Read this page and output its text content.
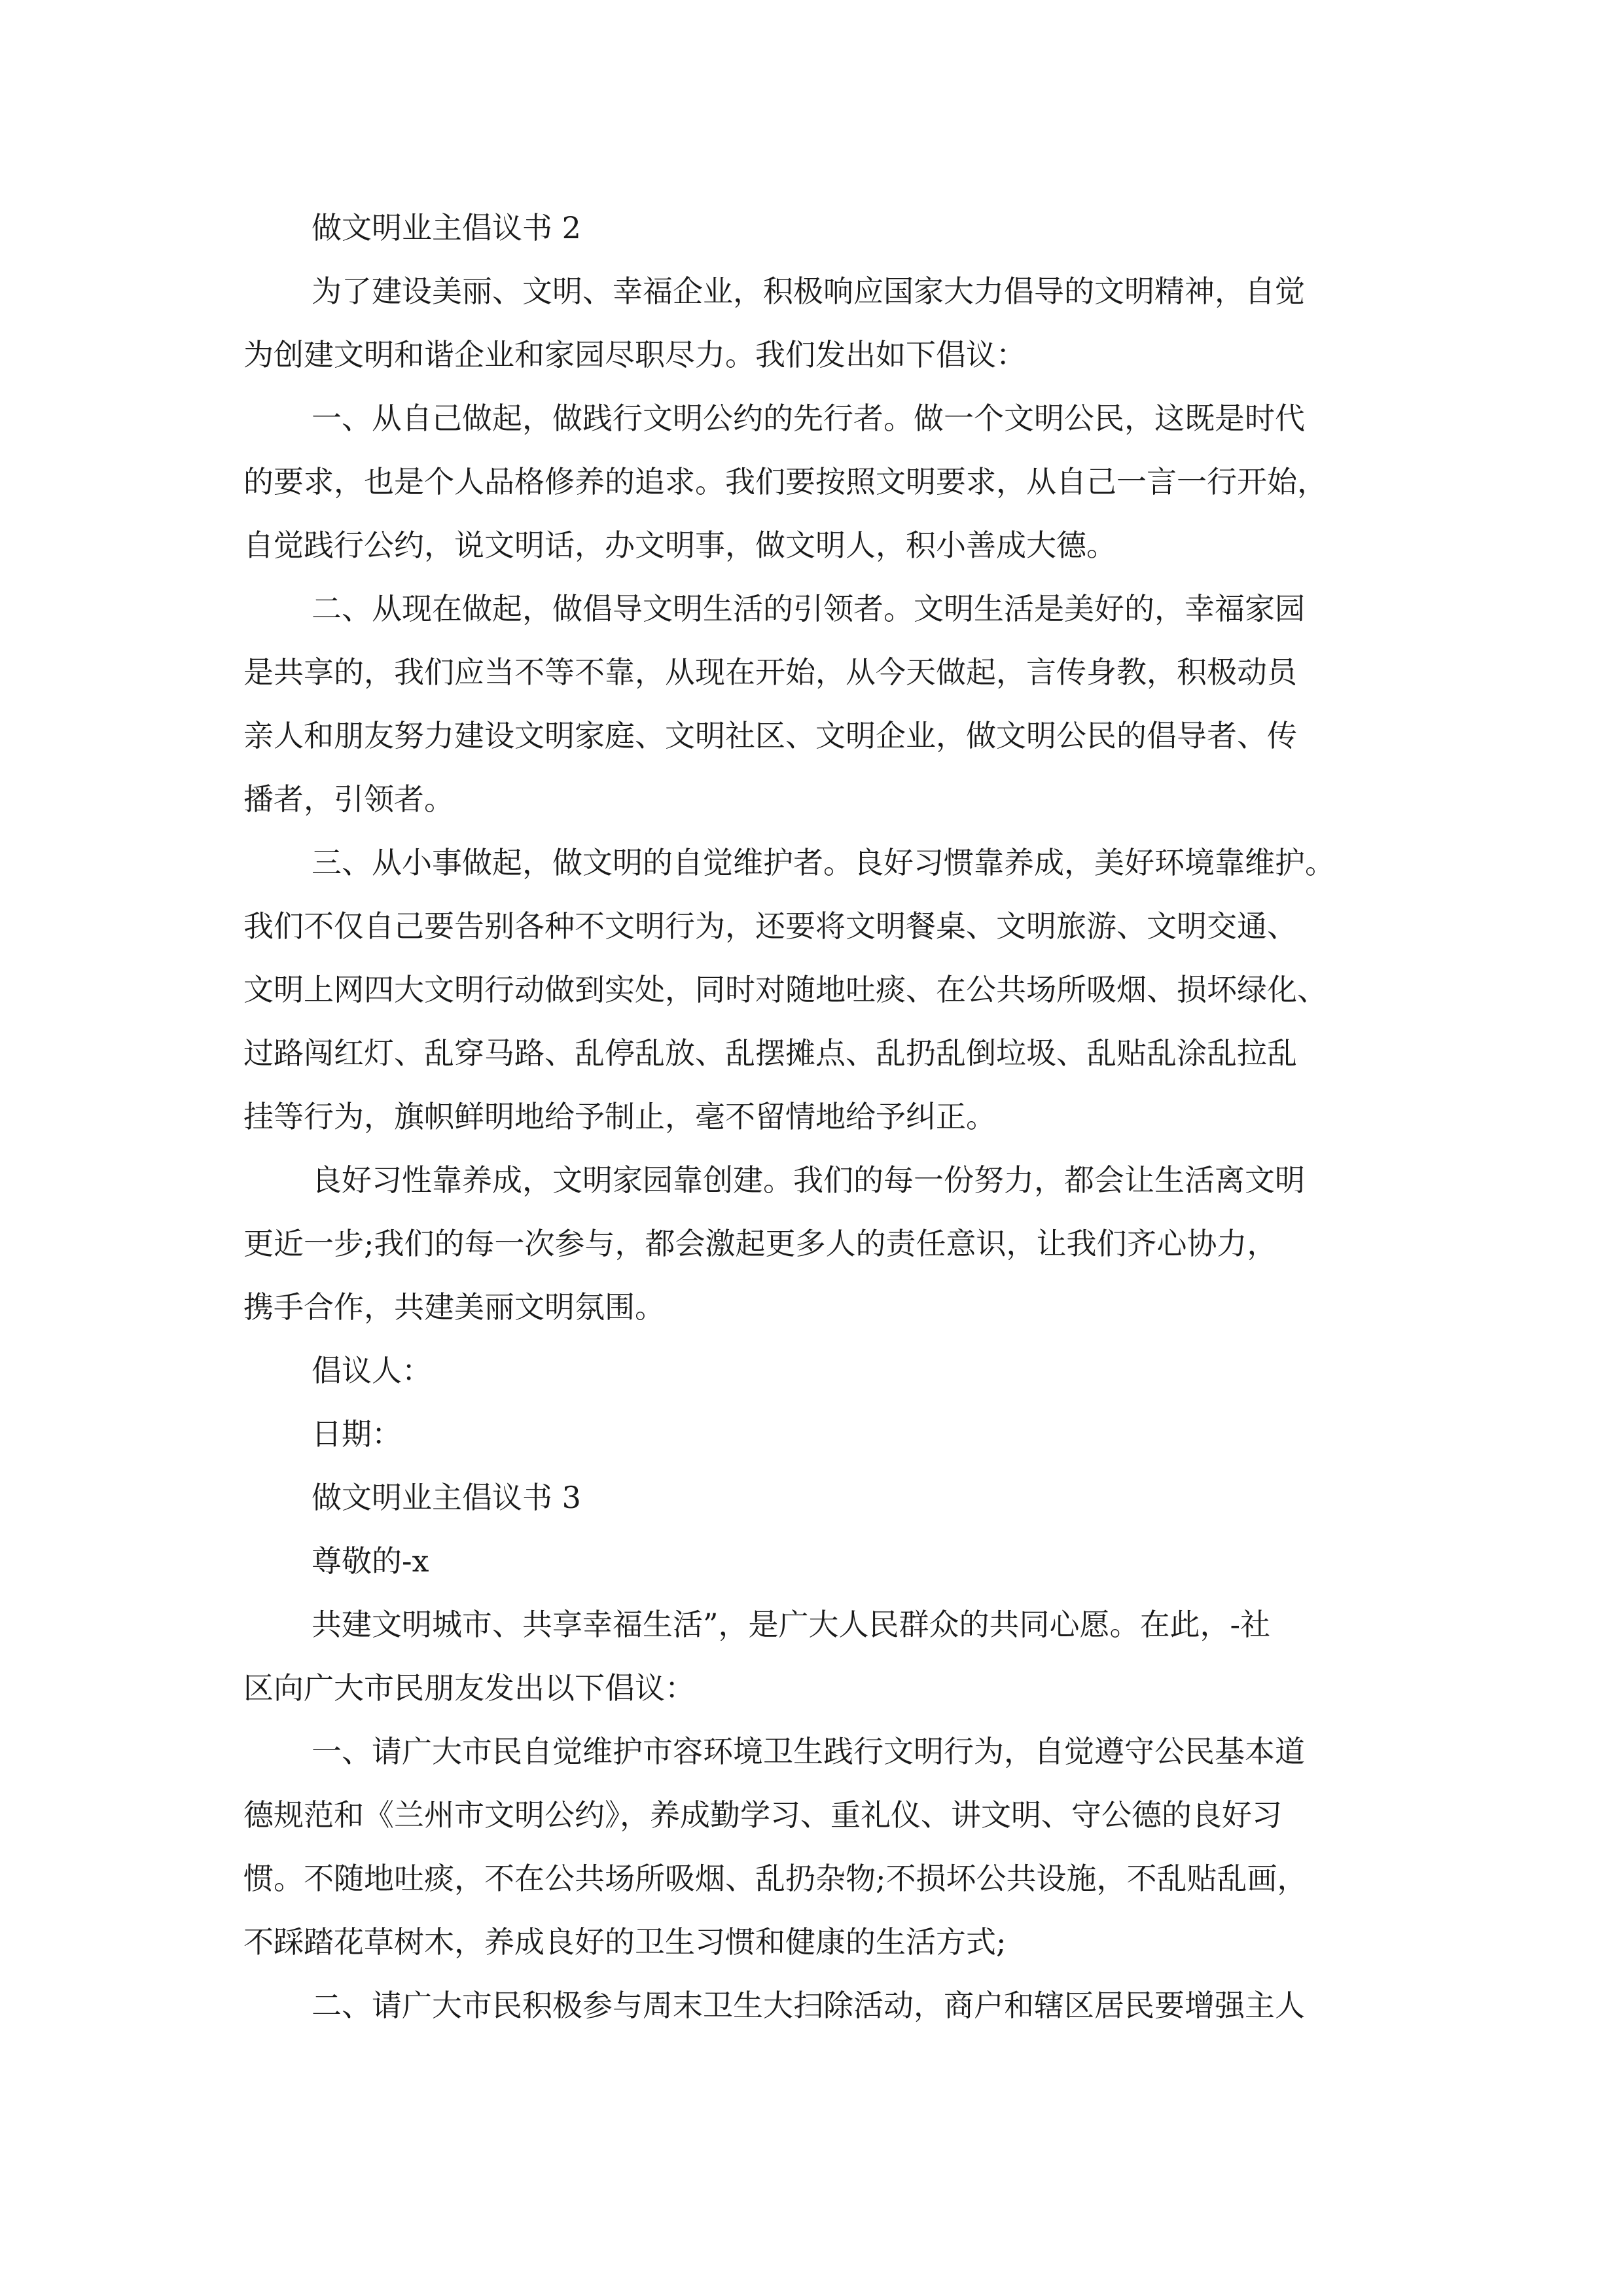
做文明业主倡议书 2

为了建设美丽、文明、幸福企业，积极响应国家大力倡导的文明精神，自觉

为创建文明和谐企业和家园尽职尽力。我们发出如下倡议：

一、从自己做起，做践行文明公约的先行者。做一个文明公民，这既是时代

的要求，也是个人品格修养的追求。我们要按照文明要求，从自己一言一行开始，

自觉践行公约，说文明话，办文明事，做文明人，积小善成大德。

二、从现在做起，做倡导文明生活的引领者。文明生活是美好的，幸福家园

是共享的，我们应当不等不靠，从现在开始，从今天做起，言传身教，积极动员

亲人和朋友努力建设文明家庭、文明社区、文明企业，做文明公民的倡导者、传

播者，引领者。

三、从小事做起，做文明的自觉维护者。良好习惯靠养成，美好环境靠维护。

我们不仅自己要告别各种不文明行为，还要将文明餐桌、文明旅游、文明交通、

文明上网四大文明行动做到实处，同时对随地吐痰、在公共场所吸烟、损坏绿化、

过路闯红灯、乱穿马路、乱停乱放、乱摆摊点、乱扔乱倒垃圾、乱贴乱涂乱拉乱

挂等行为，旗帜鲜明地给予制止，毫不留情地给予纠正。

良好习性靠养成，文明家园靠创建。我们的每一份努力，都会让生活离文明

更近一步;我们的每一次参与，都会激起更多人的责任意识，让我们齐心协力，

携手合作，共建美丽文明氛围。

倡议人：

日期：

做文明业主倡议书 3

尊敬的-x

共建文明城市、共享幸福生活”，是广大人民群众的共同心愿。在此，-社

区向广大市民朋友发出以下倡议：

一、请广大市民自觉维护市容环境卫生践行文明行为，自觉遵守公民基本道

德规范和《兰州市文明公约》，养成勤学习、重礼仪、讲文明、守公德的良好习

惯。不随地吐痰，不在公共场所吸烟、乱扔杂物;不损坏公共设施，不乱贴乱画，

不踩踏花草树木，养成良好的卫生习惯和健康的生活方式;

二、请广大市民积极参与周末卫生大扫除活动，商户和辖区居民要增强主人
